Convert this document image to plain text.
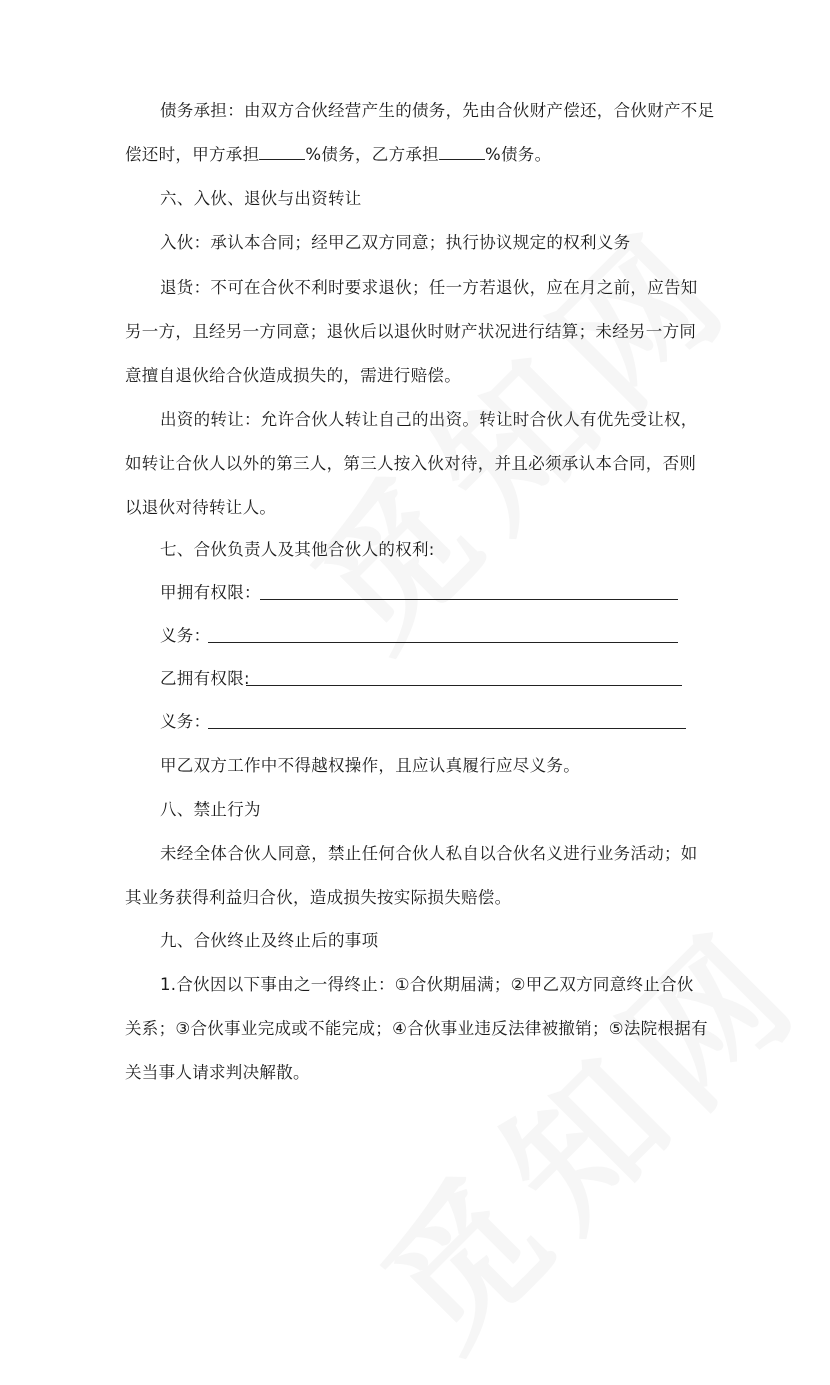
债务承担：由双方合伙经营产生的债务，先由合伙财产偿还，合伙财产不足
偿还时，甲方承担	%债务，乙方承担	%债务。
六、入伙、退伙与出资转让
入伙：承认本合同；经甲乙双方同意；执行协议规定的权利义务

退货：不可在合伙不利时要求退伙；任一方若退伙，应在月之前，应告知另一方，且经另一方同意；退伙后以退伙时财产状况进行结算；未经另一方同意擅自退伙给合伙造成损失的，需进行赔偿。

出资的转让：允许合伙人转让自己的出资。转让时合伙人有优先受让权，如转让合伙人以外的第三人，第三人按入伙对待，并且必须承认本合同，否则以退伙对待转让人。

七、合伙负责人及其他合伙人的权利:
甲拥有权限：
义务：
乙拥有权限:
义务：
甲乙双方工作中不得越权操作，且应认真履行应尽义务。
八、禁止行为

未经全体合伙人同意，禁止任何合伙人私自以合伙名义进行业务活动；如其业务获得利益归合伙，造成损失按实际损失赔偿。

九、合伙终止及终止后的事项

1.合伙因以下事由之一得终止：①合伙期届满；②甲乙双方同意终止合伙关系；③合伙事业完成或不能完成；④合伙事业违反法律被撤销；⑤法院根据有关当事人请求判决解散。
